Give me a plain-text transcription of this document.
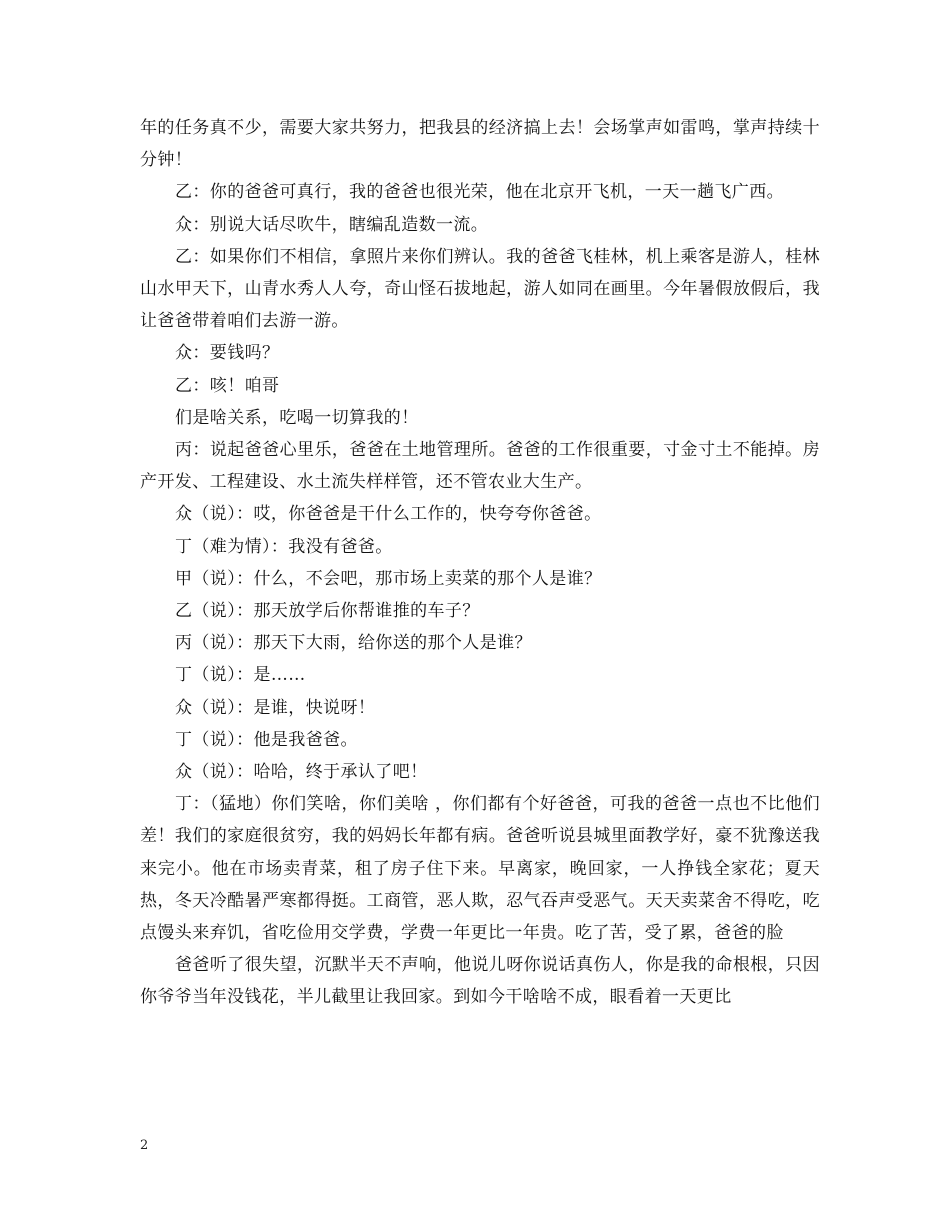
年的任务真不少，需要大家共努力，把我县的经济搞上去！会场掌声如雷鸣，掌声持续十分钟！

乙：你的爸爸可真行，我的爸爸也很光荣，他在北京开飞机，一天一趟飞广西。

众：别说大话尽吹牛，瞎编乱造数一流。

乙：如果你们不相信，拿照片来你们辨认。我的爸爸飞桂林，机上乘客是游人，桂林山水甲天下，山青水秀人人夸，奇山怪石拔地起，游人如同在画里。今年暑假放假后，我让爸爸带着咱们去游一游。

众：要钱吗？

乙：咳！咱哥

们是啥关系，吃喝一切算我的！

丙：说起爸爸心里乐，爸爸在土地管理所。爸爸的工作很重要，寸金寸土不能掉。房产开发、工程建设、水土流失样样管，还不管农业大生产。

众（说）：哎，你爸爸是干什么工作的，快夸夸你爸爸。

丁（难为情）：我没有爸爸。

甲（说）：什么，不会吧，那市场上卖菜的那个人是谁？

乙（说）：那天放学后你帮谁推的车子？

丙（说）：那天下大雨，给你送的那个人是谁？

丁（说）：是……

众（说）：是谁，快说呀！

丁（说）：他是我爸爸。

众（说）：哈哈，终于承认了吧！

丁：（猛地）你们笑啥，你们美啥 ，你们都有个好爸爸，可我的爸爸一点也不比他们差！我们的家庭很贫穷，我的妈妈长年都有病。爸爸听说县城里面教学好，豪不犹豫送我来完小。他在市场卖青菜，租了房子住下来。早离家，晚回家，一人挣钱全家花；夏天热，冬天冷酷暑严寒都得挺。工商管，恶人欺，忍气吞声受恶气。天天卖菜舍不得吃，吃点馒头来弃饥，省吃俭用交学费，学费一年更比一年贵。吃了苦，受了累，爸爸的脸

爸爸听了很失望，沉默半天不声响，他说儿呀你说话真伤人，你是我的命根根，只因你爷爷当年没钱花，半儿截里让我回家。到如今干啥啥不成，眼看着一天更比

2
